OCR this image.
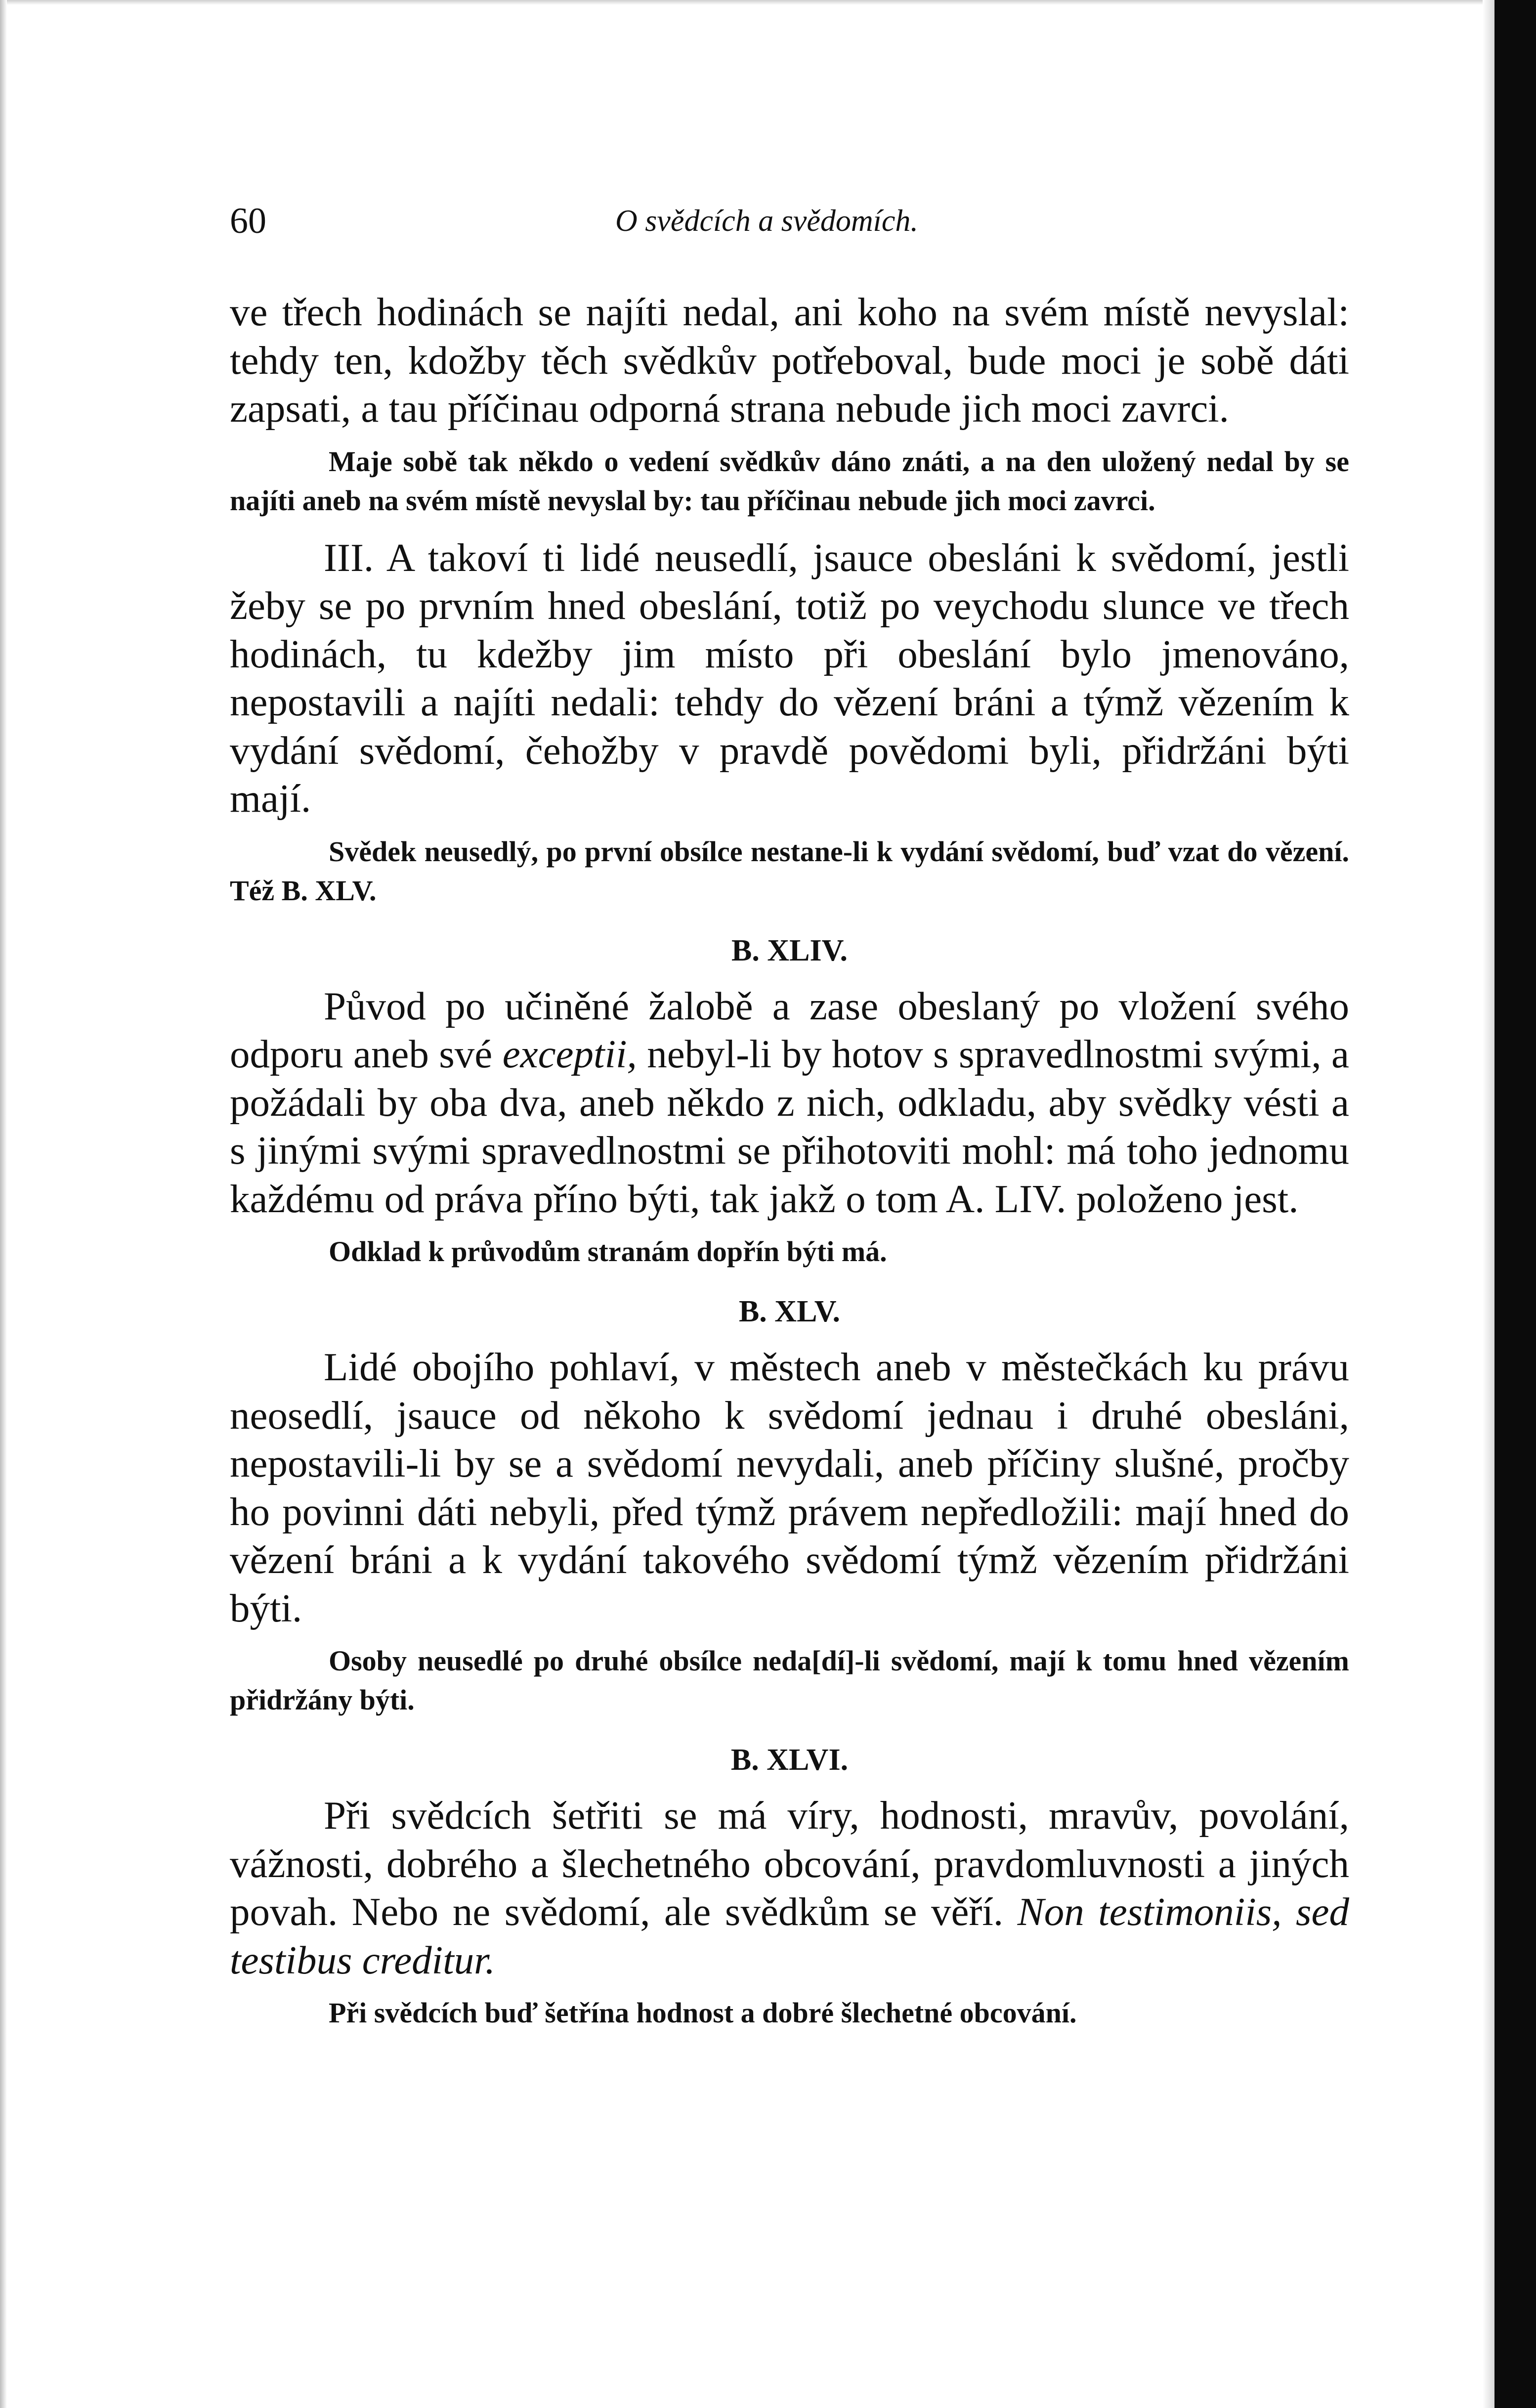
60	O svědcích a svědomích.

ve třech hodinách se najíti nedal, ani koho na svém místě nevyslal: tehdy ten, kdožby těch svědkův potřeboval, bude moci je sobě dáti zapsati, a tau příčinau odporná strana nebude jich moci zavrci.

Maje sobě tak někdo o vedení svědkův dáno znáti, a na den uložený nedal by se najíti aneb na svém místě nevyslal by: tau příčinau nebude jich moci zavrci.

III. A takoví ti lidé neusedlí, jsauce obesláni k svědomí, jestli žeby se po prvním hned obeslání, totiž po veychodu slunce ve třech hodinách, tu kdežby jim místo při obeslání bylo jmenováno, nepostavili a najíti nedali: tehdy do vězení bráni a týmž vězením k vydání svědomí, čehožby v pravdě povědomi byli, přidržáni býti mají.

Svědek neusedlý, po první obsílce nestane-li k vydání svědomí, buď vzat do vězení. Též B. XLV.

B. XLIV.

Původ po učiněné žalobě a zase obeslaný po vložení svého odporu aneb své exceptii, nebyl-li by hotov s spravedlnostmi svými, a požádali by oba dva, aneb někdo z nich, odkladu, aby svědky vésti a s jinými svými spravedlnostmi se přihotoviti mohl: má toho jednomu každému od práva příno býti, tak jakž o tom A. LIV. položeno jest.

Odklad k průvodům stranám dopřín býti má.

B. XLV.

Lidé obojího pohlaví, v městech aneb v městečkách ku právu neosedlí, jsauce od někoho k svědomí jednau i druhé obesláni, nepostavili-li by se a svědomí nevydali, aneb příčiny slušné, pročby ho povinni dáti nebyli, před týmž právem nepředložili: mají hned do vězení bráni a k vydání takového svědomí týmž vězením přidržáni býti.

Osoby neusedlé po druhé obsílce neda[dí]-li svědomí, mají k tomu hned vězením přidržány býti.

B. XLVI.

Při svědcích šetřiti se má víry, hodnosti, mravův, povolání, vážnosti, dobrého a šlechetného obcování, pravdomluvnosti a jiných povah. Nebo ne svědomí, ale svědkům se věří. Non testimoniis, sed testibus creditur.

Při svědcích buď šetřína hodnost a dobré šlechetné obcování.
